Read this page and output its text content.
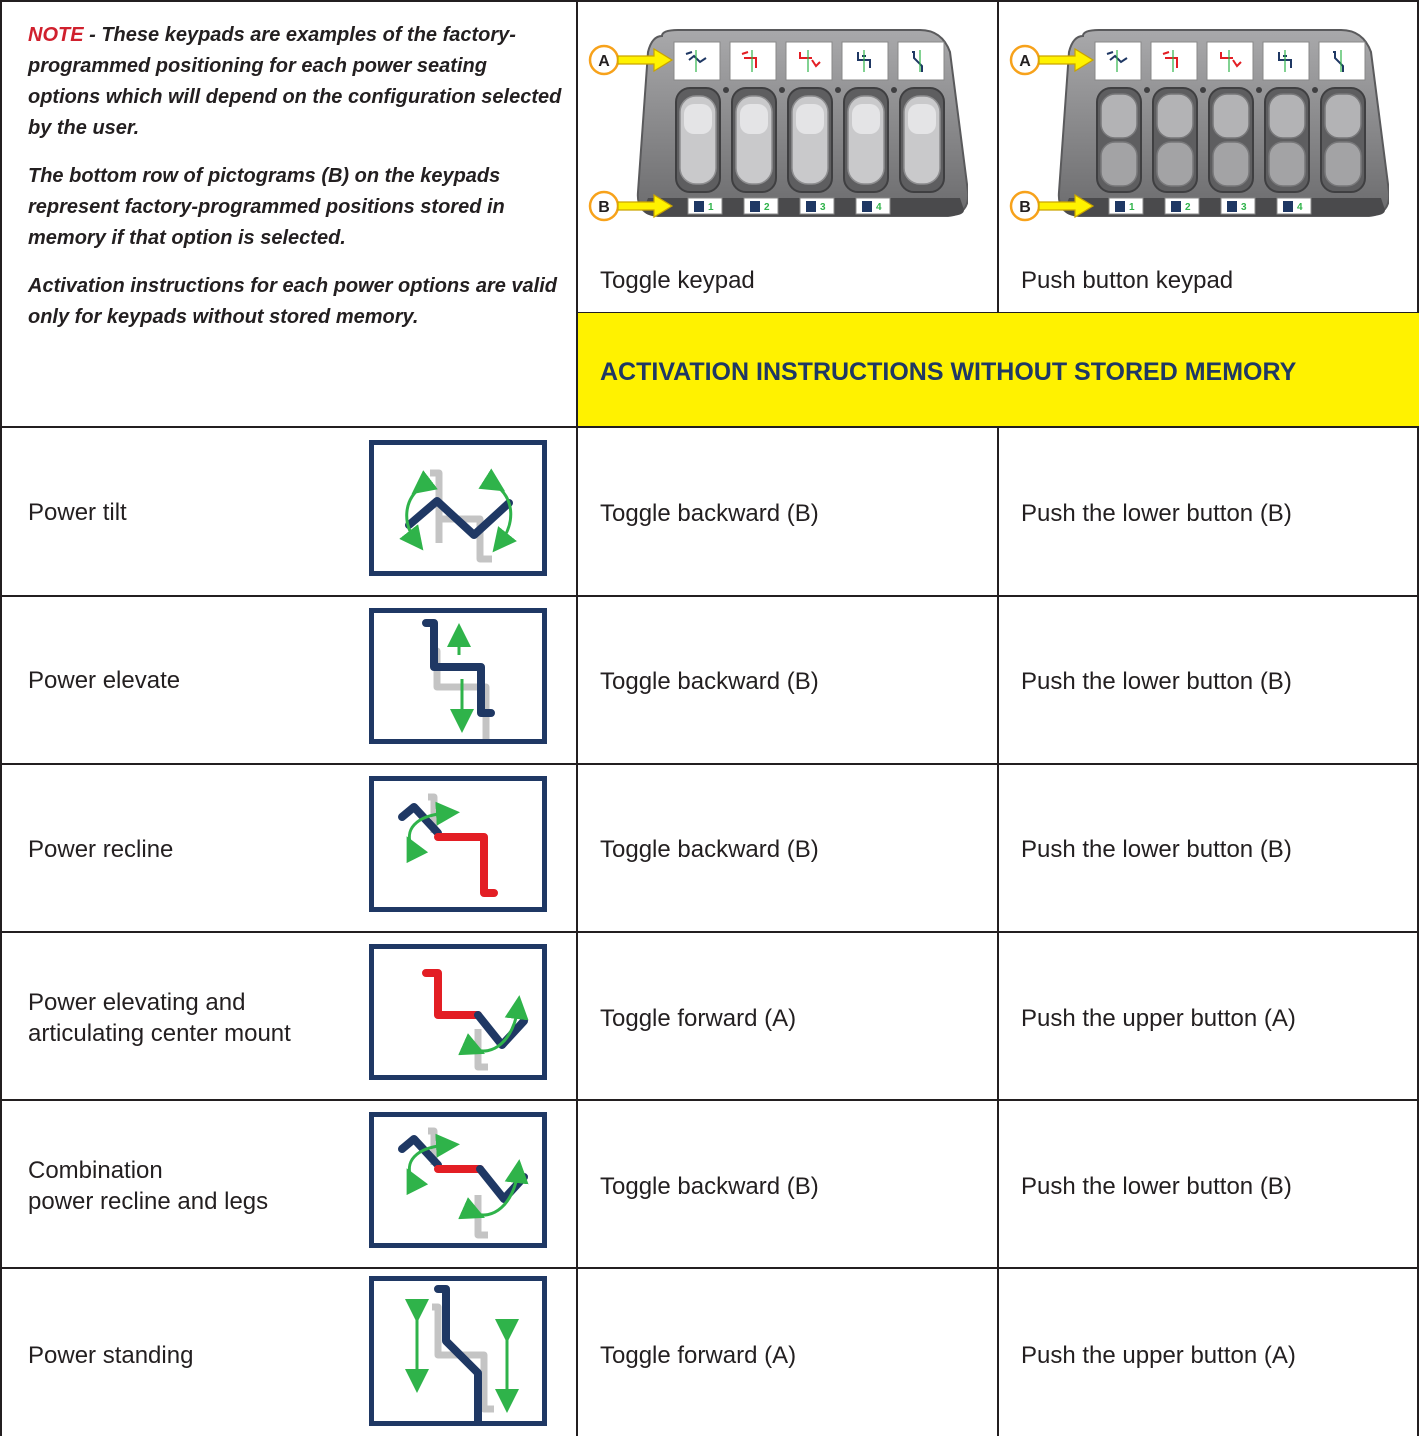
NOTE - These keypads are examples of the factory-programmed positioning for each power seating options which will depend on the configuration selected by the user.

The bottom row of pictograms (B) on the keypads represent factory-programmed positions stored in memory if that option is selected.

Activation instructions for each power options are valid only for keypads without stored memory.

1	2	3	4
A
B	1	2	3	4
A
B
Toggle keypad	Push button keypad
ACTIVATION INSTRUCTIONS WITHOUT STORED MEMORY
Power tilt	Toggle backward (B)	Push the lower button (B)
Power elevate	Toggle backward (B)	Push the lower button (B)
Power recline	Toggle backward (B)	Push the lower button (B)
Power elevating and
articulating center mount
Toggle forward (A)	Push the upper button (A)
Combination
power recline and legs
Toggle backward (B)	Push the lower button (B)
Power standing	Toggle forward (A)	Push the upper button (A)
